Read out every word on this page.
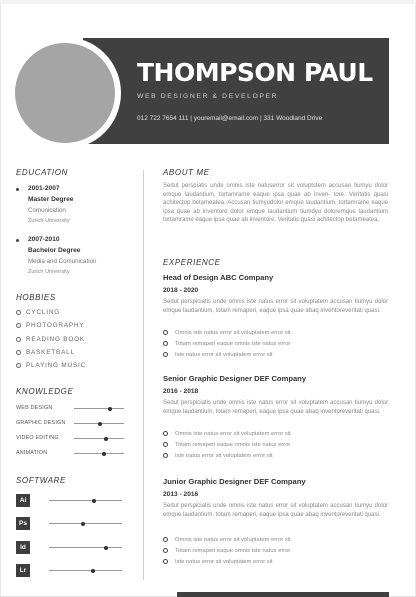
THOMPSON PAUL
WEB DESIGNER & DEVELOPER
012 722 7654 111 | youremail@email.com | 331 Woodland Drive
EDUCATION
2001-2007
Master Degree
Comunication
Zurich University
2007-2010
Bachelor Degree
Media and Comunication
Zurich University
HOBBIES
CYCLING
PHOTOGRAPHY
READING BOOK
BASKETBALL
PLAYING MUSIC
KNOWLEDGE
WEB DESIGN
GRAPHIC DESIGN
VIDEO EDITING
ANIMATION
SOFTWARE
Ai
Ps
Id
Lr
ABOUT ME
Sedut perspiatis unde omnis iste natuserror sit voluptstem accusan tiumyu dolor emque laudantium, tortamrame eaque ipsa quae ab inven- tore. Veritatis quasi achitectop betameatea. Accusan tiumyudolor emque laudantium, tortamrame eaque ipsa quae ab inventore dolor emque laudantium tiumdyu doloremque laudantium tortamrame eaque ipsa quae ab inventore. Veritatis quasi achitectop betameatea.
EXPERIENCE
Head of Design ABC Company
2018 - 2020
Sedut perspiciatis unde omnis iste natus error sit voluptatem accusan tiumyu dolor emque laudantium, totam remaperi, eaque ipsa quae abaq inventoreveritati quasi.
Omnis iste natus error sit voluptatem error sit
Totam remaperi eaque omnis iste natus error
Iste natus error sit voluptatem error sit
Senior Graphic Designer DEF Company
2016 - 2018
Sedut perspiciatis unde omnis iste natus error sit voluptatem accusan tiumyu dolor emque laudantium, totam remaperi, eaque ipsa quae abaq inventoreveritati quasi.
Omnis iste natus error sit voluptatem error sit
Totam remaperi eaque omnis iste natus error
Iste natus error sit voluptatem error sit
Junior Graphic Designer DEF Company
2013 - 2016
Sedut perspiciatis unde omnis iste natus error sit voluptatem accusan tiumyu dolor emque laudantium, totam remaperi, eaque ipsa quae abaq inventoreveritati quasi.
Omnis iste natus error sit voluptatem error sit
Totam remaperi eaque omnis iste natus error
Iste natus error sit voluptatem error sit
